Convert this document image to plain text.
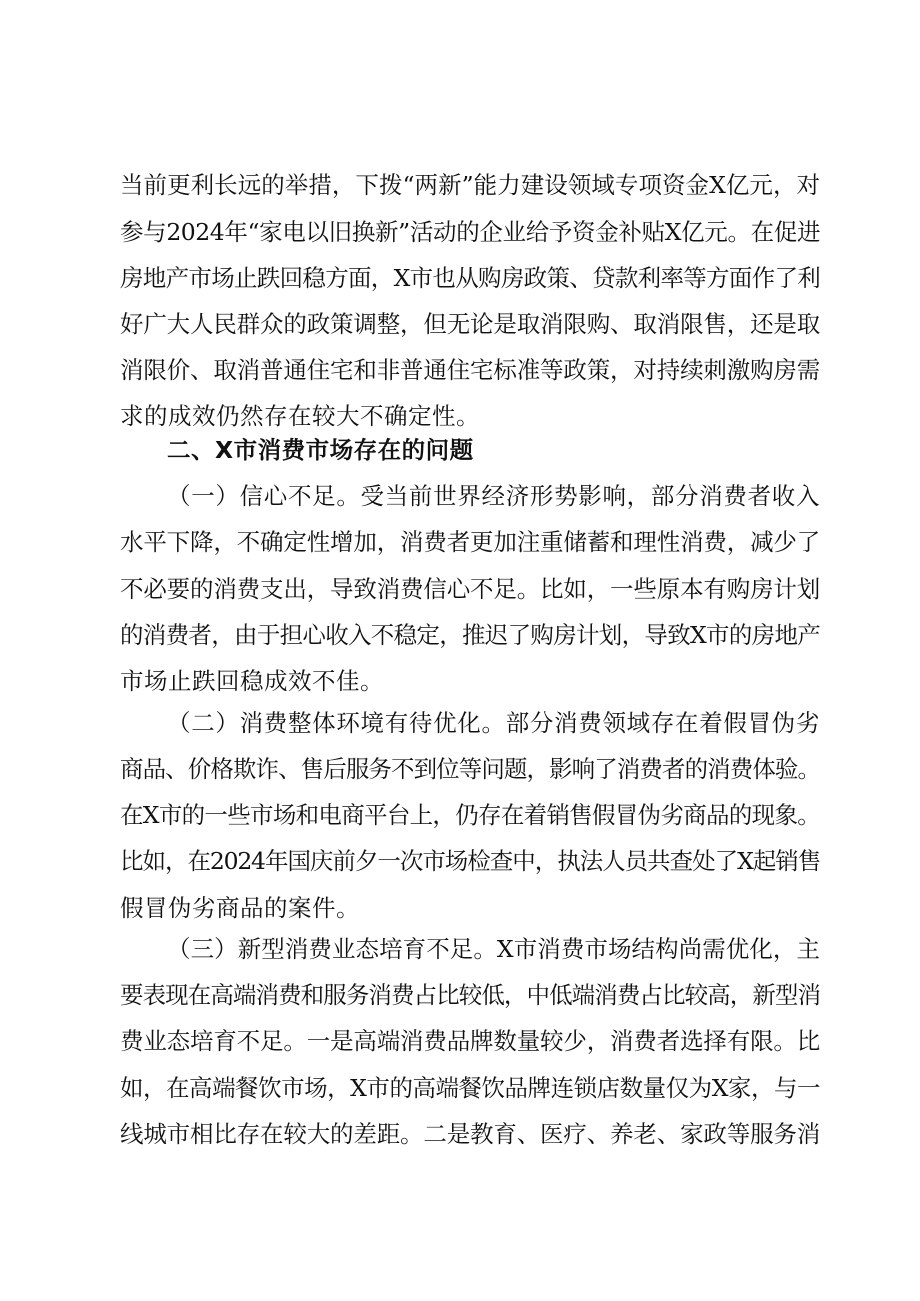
当前更利长远的举措，下拨“两新”能力建设领域专项资金X亿元，对
参与2024年“家电以旧换新”活动的企业给予资金补贴X亿元。在促进
房地产市场止跌回稳方面，X市也从购房政策、贷款利率等方面作了利
好广大人民群众的政策调整，但无论是取消限购、取消限售，还是取
消限价、取消普通住宅和非普通住宅标准等政策，对持续刺激购房需
求的成效仍然存在较大不确定性。
二、X市消费市场存在的问题
（一）信心不足。受当前世界经济形势影响，部分消费者收入
水平下降，不确定性增加，消费者更加注重储蓄和理性消费，减少了
不必要的消费支出，导致消费信心不足。比如，一些原本有购房计划
的消费者，由于担心收入不稳定，推迟了购房计划，导致X市的房地产
市场止跌回稳成效不佳。
（二）消费整体环境有待优化。部分消费领域存在着假冒伪劣
商品、价格欺诈、售后服务不到位等问题，影响了消费者的消费体验。
在X市的一些市场和电商平台上，仍存在着销售假冒伪劣商品的现象。
比如，在2024年国庆前夕一次市场检查中，执法人员共查处了X起销售
假冒伪劣商品的案件。
（三）新型消费业态培育不足。X市消费市场结构尚需优化，主
要表现在高端消费和服务消费占比较低，中低端消费占比较高，新型消
费业态培育不足。一是高端消费品牌数量较少，消费者选择有限。比
如，在高端餐饮市场，X市的高端餐饮品牌连锁店数量仅为X家，与一
线城市相比存在较大的差距。二是教育、医疗、养老、家政等服务消
